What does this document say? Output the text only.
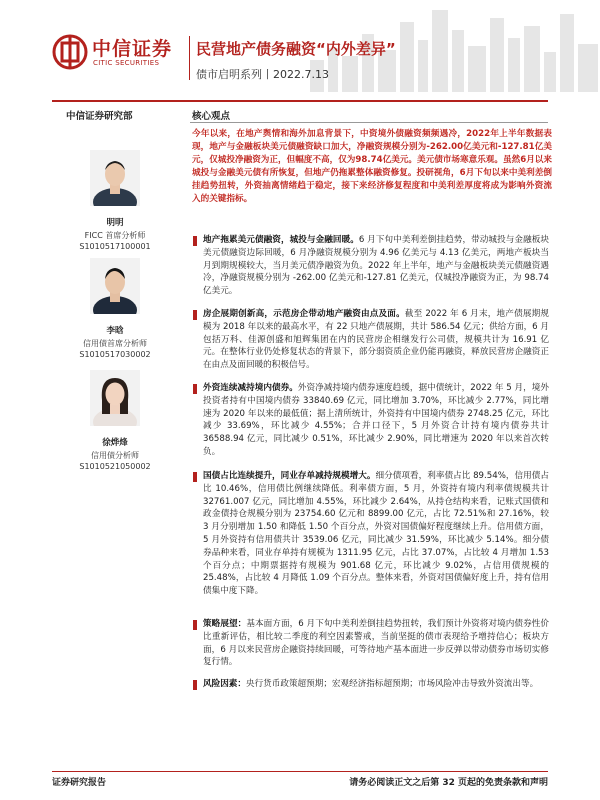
中信证券
CITIC SECURITIES
民营地产债务融资“内外差异”
债市启明系列丨2022.7.13
中信证券研究部	核心观点
明明
FICC 首席分析师
S1010517100001
李晗
信用债首席分析师
S1010517030002
徐烨烽
信用债分析师
S1010521050002
今年以来，在地产舆情和海外加息背景下，中资境外债融资频频遇冷，2022年上半年数据表现，地产与金融板块美元债融资缺口加大，净融资规模分别为-262.00亿美元和-127.81亿美元，仅城投净融资为正，但幅度不高，仅为98.74亿美元。美元债市场寒意乐观。虽然6月以来城投与金融美元债有所恢复，但地产仍拖累整体融资修复。投研视角，6月下旬以来中美利差倒挂趋势扭转，外资抽离情绪趋于稳定，接下来经济修复程度和中美利差厚度将成为影响外资流入的关键指标。
地产拖累美元债融资，城投与金融回暖。6 月下旬中美利差倒挂趋势，带动城投与金融板块美元债融资边际回暖，6 月净融资规模分别为 4.96 亿美元与 4.13 亿美元，两地产板块当月到期规模较大，当月美元债净融资为负。2022 年上半年，地产与金融板块美元债融资遇冷，净融资规模分别为 -262.00 亿美元和-127.81 亿美元，仅城投净融资为正，为 98.74 亿美元。
房企展期创新高，示范房企带动地产融资由点及面。截至 2022 年 6 月末，地产债展期规模为 2018 年以来的最高水平，有 22 只地产债展期，共计 586.54 亿元；供给方面，6 月包括万科、佳源创盛和旭辉集团在内的民营房企相继发行公司债，规模共计为 16.91 亿元。在整体行业仍处修复状态的背景下，部分弱资质企业仍能再融资，释放民营房企融资正在由点及面回暖的积极信号。
外资连续减持境内债券。外资净减持境内债券速度趋缓，据中债统计，2022 年 5 月，境外投资者持有中国境内债券 33840.69 亿元，同比增加 3.70%，环比减少 2.77%，同比增速为 2020 年以来的最低值；据上清所统计，外资持有中国境内债券 2748.25 亿元，环比减少 33.69%，环比减少 4.55%；合并口径下，5 月外资合计持有境内债券共计 36588.94 亿元，同比减少 0.51%，环比减少 2.90%，同比增速为 2020 年以来首次转负。
国债占比连续提升，同业存单减持规模增大。细分债项看，利率债占比 89.54%，信用债占比 10.46%，信用债比例继续降低。利率债方面，5 月，外资持有境内利率债规模共计 32761.007 亿元，同比增加 4.55%，环比减少 2.64%，从持仓结构来看，记账式国债和政金债持仓规模分别为 23754.60 亿元和 8899.00 亿元，占比 72.51%和 27.16%，较 3 月分别增加 1.50 和降低 1.50 个百分点，外资对国债偏好程度继续上升。信用债方面，5 月外资持有信用债共计 3539.06 亿元，同比减少 31.59%，环比减少 5.14%。细分债券品种来看，同业存单持有规模为 1311.95 亿元，占比 37.07%，占比较 4 月增加 1.53 个百分点；中期票据持有规模为 901.68 亿元，环比减少 9.02%，占信用债规模的 25.48%，占比较 4 月降低 1.09 个百分点。整体来看，外资对国债偏好度上升，持有信用债集中度下降。
策略展望：基本面方面，6 月下旬中美利差倒挂趋势扭转，我们预计外资将对境内债券性价比重新评估，相比较二季度的利空因素警戒，当前坚挺的债市表现给予增持信心；板块方面，6 月以来民营房企融资持续回暖，可等待地产基本面进一步反弹以带动债券市场切实修复行情。
风险因素：央行货币政策超预期；宏观经济指标超预期；市场风险冲击导致外资流出等。
证券研究报告	请务必阅读正文之后第 32 页起的免责条款和声明
